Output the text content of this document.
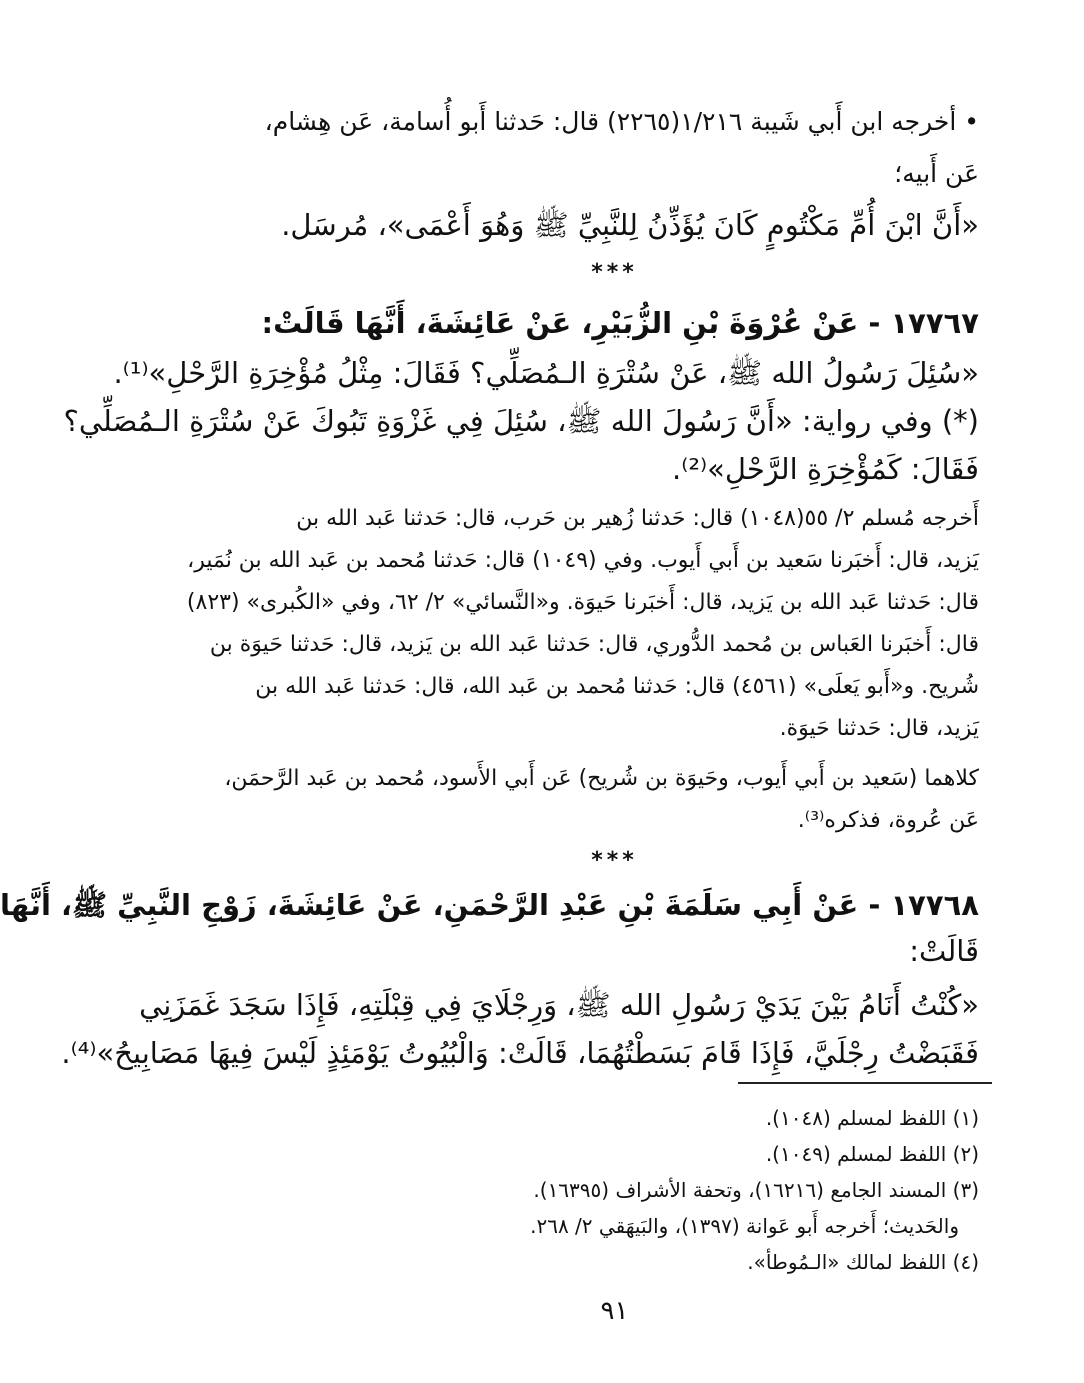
• أخرجه ابن أَبي شَيبة ١/٢١٦(٢٢٦٥) قال: حَدثنا أَبو أُسامة، عَن هِشام،
عَن أَبيه؛
«أَنَّ ابْنَ أُمِّ مَكْتُومٍ كَانَ يُؤَذِّنُ لِلنَّبِيِّ ﷺ وَهُوَ أَعْمَى»، مُرسَل.
***
١٧٧٦٧ - عَنْ عُرْوَةَ بْنِ الزُّبَيْرِ، عَنْ عَائِشَةَ، أَنَّهَا قَالَتْ:
«سُئِلَ رَسُولُ الله ﷺ، عَنْ سُتْرَةِ الـمُصَلِّي؟ فَقَالَ: مِثْلُ مُؤْخِرَةِ الرَّحْلِ»⁽¹⁾.
(*) وفي رواية: «أَنَّ رَسُولَ الله ﷺ، سُئِلَ فِي غَزْوَةِ تَبُوكَ عَنْ سُتْرَةِ الـمُصَلِّي؟
فَقَالَ: كَمُؤْخِرَةِ الرَّحْلِ»⁽²⁾.
أَخرجه مُسلم ٢/ ٥٥(١٠٤٨) قال: حَدثنا زُهير بن حَرب، قال: حَدثنا عَبد الله بن
يَزيد، قال: أَخبَرنا سَعيد بن أَبي أَيوب. وفي (١٠٤٩) قال: حَدثنا مُحمد بن عَبد الله بن نُمَير،
قال: حَدثنا عَبد الله بن يَزيد، قال: أَخبَرنا حَيوَة. و«النَّسائي» ٢/ ٦٢، وفي «الكُبرى» (٨٢٣)
قال: أَخبَرنا العَباس بن مُحمد الدُّوري، قال: حَدثنا عَبد الله بن يَزيد، قال: حَدثنا حَيوَة بن
شُريح. و«أَبو يَعلَى» (٤٥٦١) قال: حَدثنا مُحمد بن عَبد الله، قال: حَدثنا عَبد الله بن
يَزيد، قال: حَدثنا حَيوَة.
كلاهما (سَعيد بن أَبي أَيوب، وحَيوَة بن شُريح) عَن أَبي الأَسود، مُحمد بن عَبد الرَّحمَن،
عَن عُروة، فذكره⁽³⁾.
***
١٧٧٦٨ - عَنْ أَبِي سَلَمَةَ بْنِ عَبْدِ الرَّحْمَنِ، عَنْ عَائِشَةَ، زَوْجِ النَّبِيِّ ﷺ، أَنَّهَا
قَالَتْ:
«كُنْتُ أَنَامُ بَيْنَ يَدَيْ رَسُولِ الله ﷺ، وَرِجْلَايَ فِي قِبْلَتِهِ، فَإِذَا سَجَدَ غَمَزَنِي
فَقَبَضْتُ رِجْلَيَّ، فَإِذَا قَامَ بَسَطْتُهُمَا، قَالَتْ: وَالْبُيُوتُ يَوْمَئِذٍ لَيْسَ فِيهَا مَصَابِيحُ»⁽⁴⁾.
(١) اللفظ لمسلم (١٠٤٨).
(٢) اللفظ لمسلم (١٠٤٩).
(٣) المسند الجامع (١٦٢١٦)، وتحفة الأشراف (١٦٣٩٥).
والحَديث؛ أَخرجه أَبو عَوانة (١٣٩٧)، والبَيهَقي ٢/ ٢٦٨.
(٤) اللفظ لمالك «الـمُوطأ».
٩١
